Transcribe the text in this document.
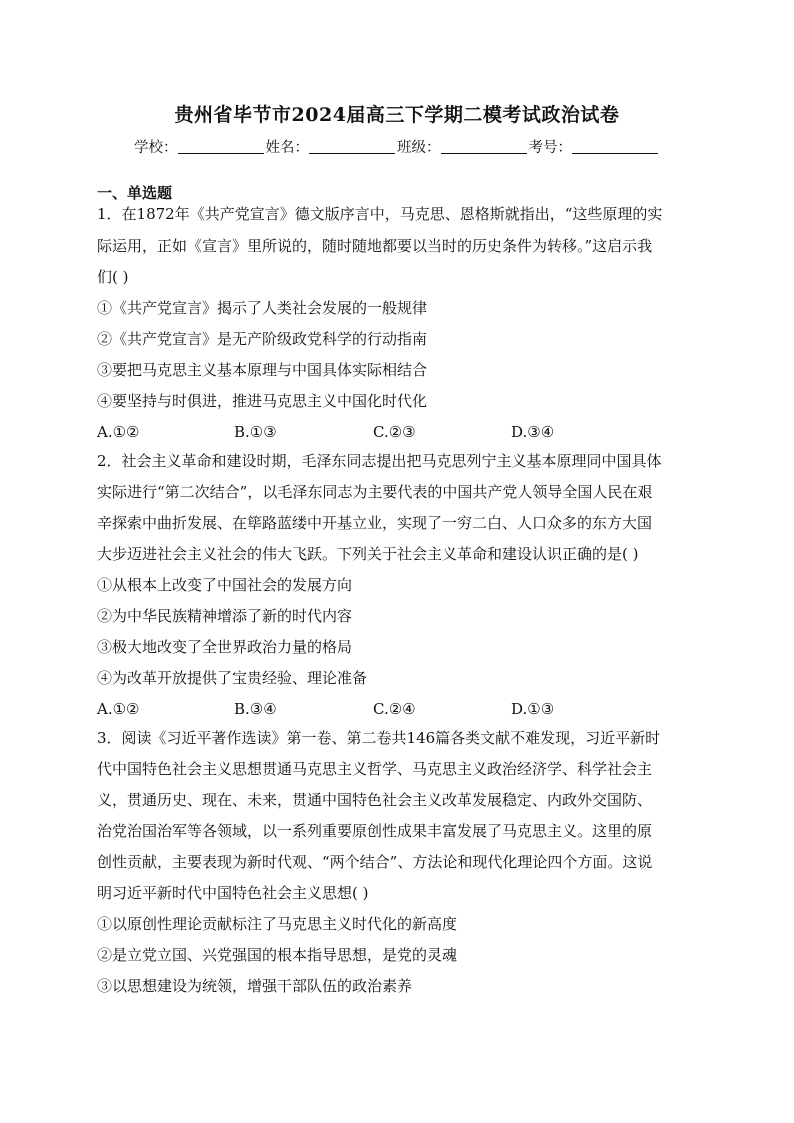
贵州省毕节市2024届高三下学期二模考试政治试卷
学校：	姓名：	班级：	考号：
一、单选题
1．在1872年《共产党宣言》德文版序言中，马克思、恩格斯就指出，“这些原理的实
际运用，正如《宣言》里所说的，随时随地都要以当时的历史条件为转移。”这启示我
们( )
①《共产党宣言》揭示了人类社会发展的一般规律
②《共产党宣言》是无产阶级政党科学的行动指南
③要把马克思主义基本原理与中国具体实际相结合
④要坚持与时俱进，推进马克思主义中国化时代化
A.①②	B.①③	C.②③	D.③④
2．社会主义革命和建设时期，毛泽东同志提出把马克思列宁主义基本原理同中国具体
实际进行“第二次结合”，以毛泽东同志为主要代表的中国共产党人领导全国人民在艰
辛探索中曲折发展、在筚路蓝缕中开基立业，实现了一穷二白、人口众多的东方大国
大步迈进社会主义社会的伟大飞跃。下列关于社会主义革命和建设认识正确的是( )
①从根本上改变了中国社会的发展方向
②为中华民族精神增添了新的时代内容
③极大地改变了全世界政治力量的格局
④为改革开放提供了宝贵经验、理论准备
A.①②	B.③④	C.②④	D.①③
3．阅读《习近平著作选读》第一卷、第二卷共146篇各类文献不难发现，习近平新时
代中国特色社会主义思想贯通马克思主义哲学、马克思主义政治经济学、科学社会主
义，贯通历史、现在、未来，贯通中国特色社会主义改革发展稳定、内政外交国防、
治党治国治军等各领域，以一系列重要原创性成果丰富发展了马克思主义。这里的原
创性贡献，主要表现为新时代观、“两个结合”、方法论和现代化理论四个方面。这说
明习近平新时代中国特色社会主义思想( )
①以原创性理论贡献标注了马克思主义时代化的新高度
②是立党立国、兴党强国的根本指导思想，是党的灵魂
③以思想建设为统领，增强干部队伍的政治素养
